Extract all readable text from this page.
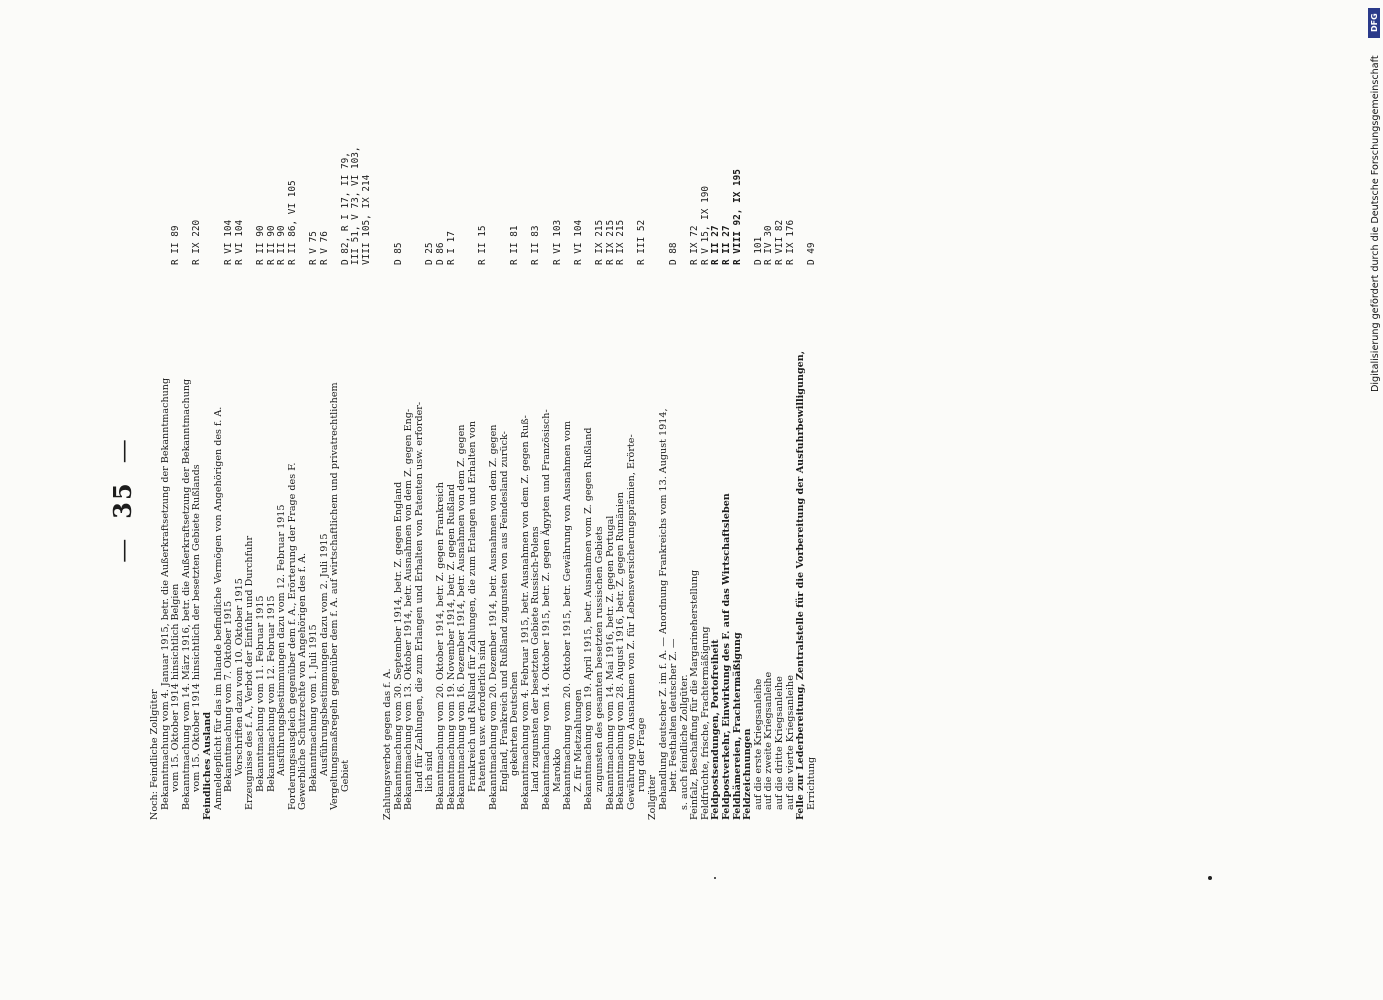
—35—
Noch: Feindliche Zollgüter Bekanntmachung vom 4. Januar 1915, betr. die Außerkraftsetzung der Bekanntmachung vom 15. Oktober 1914 hinsichtlich Belgien
R II 89
Bekanntmachung vom 14. März 1916, betr. die Außerkraftsetzung der Bekanntmachung vom 15. Oktober 1914 hinsichtlich der besetzten Gebiete Rußlands
R IX 220
Feindliches Ausland Anmeldepflicht für das im Inlande befindliche Vermögen von Angehörigen des f. A. Bekanntmachung vom 7. Oktober 1915
R VI 104
Vorschriften dazu vom 10. Oktober 1915
R VI 104
Erzeugnisse des f. A., Verbot der Einfuhr und Durchfuhr Bekanntmachung vom 11. Februar 1915
R II 90
Bekanntmachung vom 12. Februar 1915
R II 90
Ausführungsbestimmungen dazu vom 12. Februar 1915
R II 90
Forderungsausgleich gegenüber dem f. A., Erörterung der Frage des F.
R II 86, VI 105
Gewerbliche Schutzrechte von Angehörigen des f. A. Bekanntmachung vom 1. Juli 1915
R V 75
Ausführungsbestimmungen dazu vom 2. Juli 1915
R V 76
Vergeltungsmaßregeln gegenüber dem f. A. auf wirtschaftlichem und privatrechtlichem Gebiet
D 82, R I 17, II 79, III 51, V 73, VI 103, VIII 105, IX 214
Zahlungsverbot gegen das f. A. Bekanntmachung vom 30. September 1914, betr. Z. gegen England
D 85
Bekanntmachung vom 13. Oktober 1914, betr. Ausnahmen von dem Z. gegen Eng- land für Zahlungen, die zum Erlangen und Erhalten von Patenten usw. erforder- lich sind
D 25
Bekanntmachung vom 20. Oktober 1914, betr. Z. gegen Frankreich
D 86
Bekanntmachung vom 19. November 1914, betr. Z. gegen Rußland
R I 17
Bekanntmachung vom 16. Dezember 1914, betr. Ausnahmen von dem Z. gegen Frankreich und Rußland für Zahlungen, die zum Erlangen und Erhalten von Patenten usw. erforderlich sind
R II 15
Bekanntmachung vom 20. Dezember 1914, betr. Ausnahmen von dem Z. gegen England, Frankreich und Rußland zugunsten von aus Feindesland zurück- gekehrten Deutschen
R II 81
Bekanntmachung vom 4. Februar 1915, betr. Ausnahmen von dem Z. gegen Ruß- land zugunsten der besetzten Gebiete Russisch-Polens
R II 83
Bekanntmachung vom 14. Oktober 1915, betr. Z. gegen Ägypten und Französisch- Marokko
R VI 103
Bekanntmachung vom 20. Oktober 1915, betr. Gewährung von Ausnahmen vom Z. für Mietzahlungen
R VI 104
Bekanntmachung vom 19. April 1915, betr. Ausnahmen vom Z. gegen Rußland zugunsten des gesamten besetzten russischen Gebiets
R IX 215
Bekanntmachung vom 14. Mai 1916, betr. Z. gegen Portugal
R IX 215
Bekanntmachung vom 28. August 1916, betr. Z. gegen Rumänien
R IX 215
Gewährung von Ausnahmen von Z. für Lebensversicherungsprämien, Erörte- rung der Frage
R III 52
Zollgüter Behandlung deutscher Z. im f. A. — Anordnung Frankreichs vom 13. August 1914, betr. Festhalten deutscher Z. —
D 88
s. auch feindliche Zollgüter. Feinfalz, Beschaffung für die Margarineherstellung
R IX 72
Feldfrüchte, frische, Frachtermäßigung
R V 15, IX 190
Feldpostsendungen, Portofreiheit
R II 27
Feldpostverkehr, Einwirkung des F. auf das Wirtschaftsleben
R II 27
Feldhämereien, Frachtermäßigung
R VIII 92, IX 195
Feldzeichnungen auf die erste Kriegsanleihe
D 101
auf die zweite Kriegsanleihe
R IV 30
auf die dritte Kriegsanleihe
R VII 82
auf die vierte Kriegsanleihe
R IX 176
Felle zur Lederbereitung, Zentralstelle für die Vorbereitung der Ausfuhrbewilligungen, Errichtung
D 49
DFG
Digitalisierung gefördert durch die Deutsche Forschungsgemeinschaft
